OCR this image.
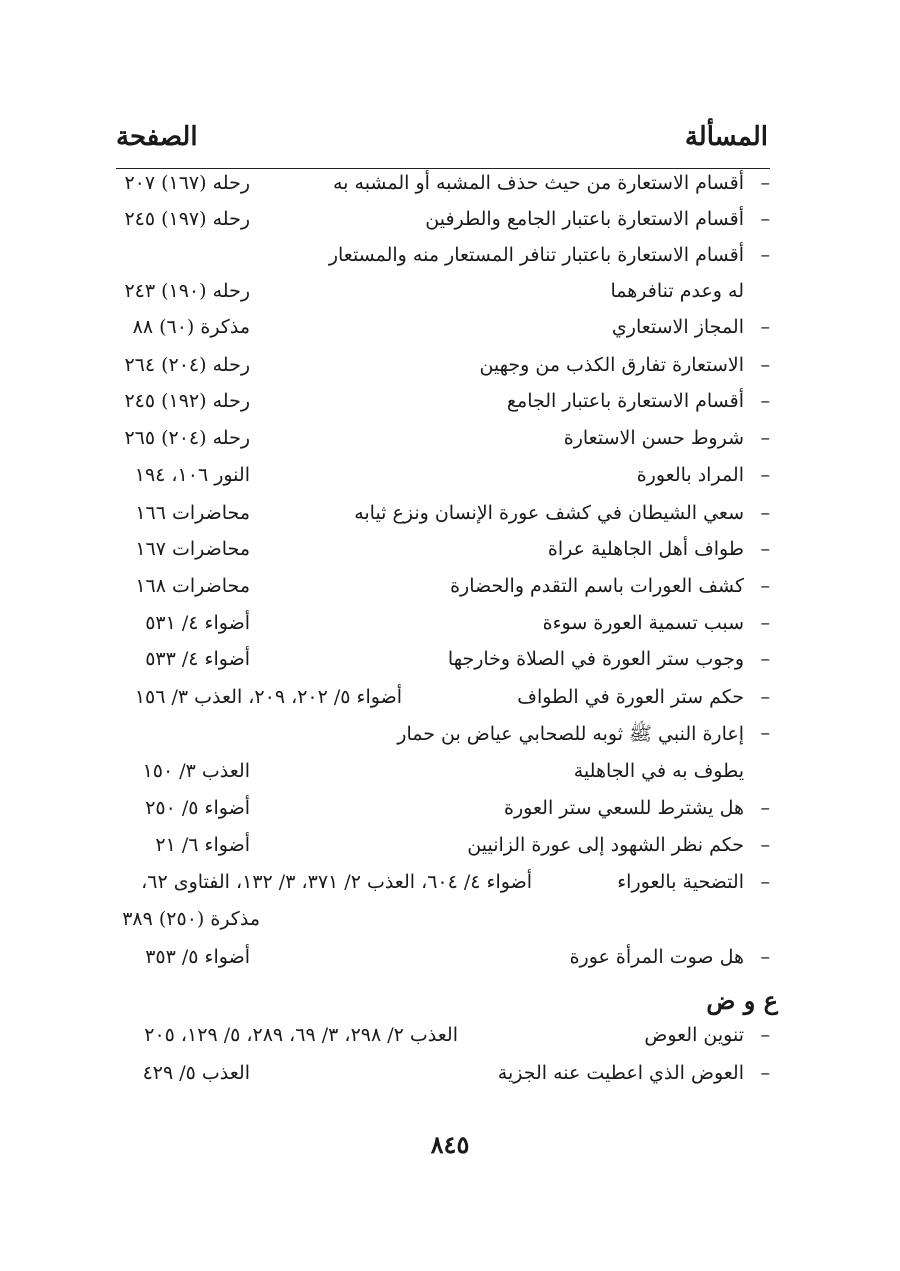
المسألة
الصفحة
–
أقسام الاستعارة من حيث حذف المشبه أو المشبه به
رحله (١٦٧) ٢٠٧
–
أقسام الاستعارة باعتبار الجامع والطرفين
رحله (١٩٧) ٢٤٥
–
أقسام الاستعارة باعتبار تنافر المستعار منه والمستعار
له وعدم تنافرهما
رحله (١٩٠) ٢٤٣
–
المجاز الاستعاري
مذكرة (٦٠) ٨٨
–
الاستعارة تفارق الكذب من وجهين
رحله (٢٠٤) ٢٦٤
–
أقسام الاستعارة باعتبار الجامع
رحله (١٩٢) ٢٤٥
–
شروط حسن الاستعارة
رحله (٢٠٤) ٢٦٥
–
المراد بالعورة
النور ١٠٦، ١٩٤
–
سعي الشيطان في كشف عورة الإنسان ونزع ثيابه
محاضرات ١٦٦
–
طواف أهل الجاهلية عراة
محاضرات ١٦٧
–
كشف العورات باسم التقدم والحضارة
محاضرات ١٦٨
–
سبب تسمية العورة سوءة
أضواء ٤/ ٥٣١
–
وجوب ستر العورة في الصلاة وخارجها
أضواء ٤/ ٥٣٣
–
حكم ستر العورة في الطواف
أضواء ٥/ ٢٠٢، ٢٠٩، العذب ٣/ ١٥٦
–
إعارة النبي ﷺ ثوبه للصحابي عياض بن حمار
يطوف به في الجاهلية
العذب ٣/ ١٥٠
–
هل يشترط للسعي ستر العورة
أضواء ٥/ ٢٥٠
–
حكم نظر الشهود إلى عورة الزانيين
أضواء ٦/ ٢١
–
التضحية بالعوراء
أضواء ٤/ ٦٠٤، العذب ٢/ ٣٧١، ٣/ ١٣٢، الفتاوى ٦٢،
مذكرة (٢٥٠) ٣٨٩
–
هل صوت المرأة عورة
أضواء ٥/ ٣٥٣
ع و ض
–
تنوين العوض
العذب ٢/ ٢٩٨، ٣/ ٦٩، ٢٨٩، ٥/ ١٢٩، ٢٠٥
–
العوض الذي اعطيت عنه الجزية
العذب ٥/ ٤٢٩
٨٤٥
